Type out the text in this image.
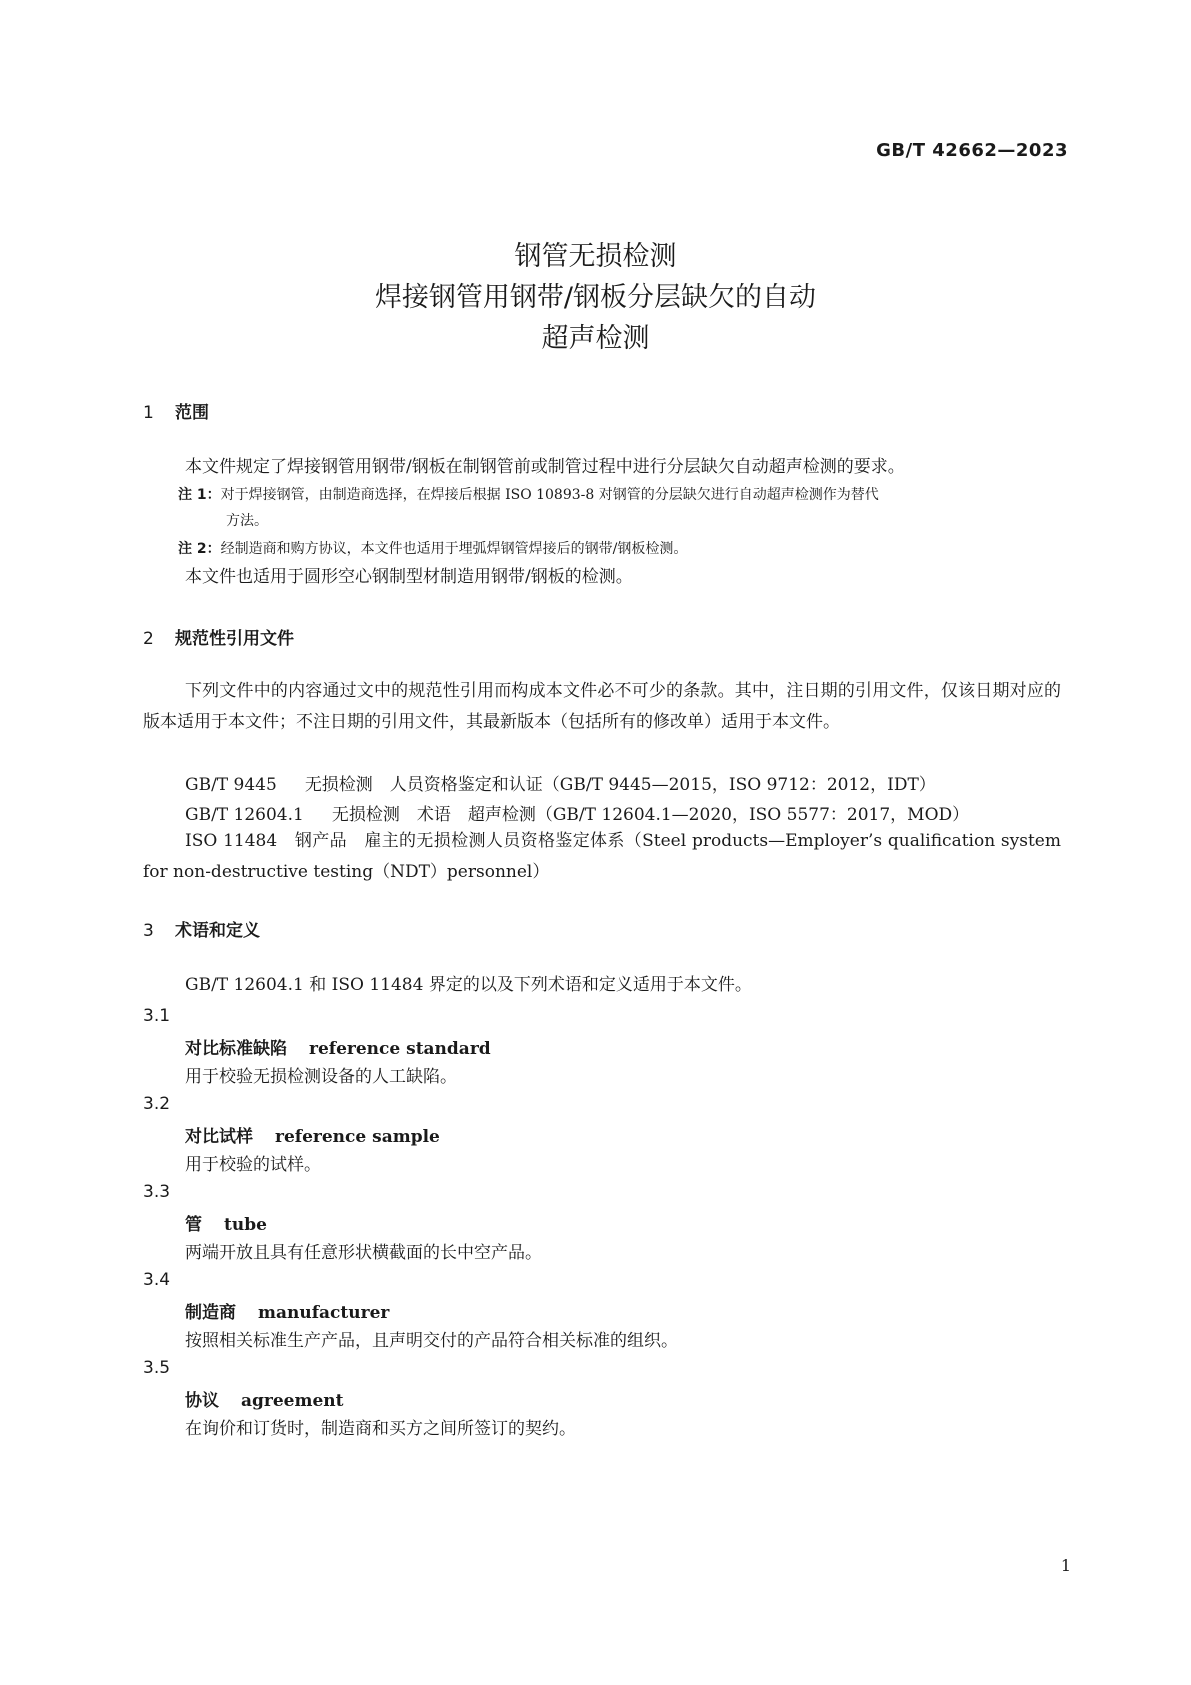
GB/T 42662—2023
钢管无损检测
焊接钢管用钢带/钢板分层缺欠的自动
超声检测
1 范围
本文件规定了焊接钢管用钢带/钢板在制钢管前或制管过程中进行分层缺欠自动超声检测的要求。
注 1：对于焊接钢管，由制造商选择，在焊接后根据 ISO 10893-8 对钢管的分层缺欠进行自动超声检测作为替代
方法。
注 2：经制造商和购方协议，本文件也适用于埋弧焊钢管焊接后的钢带/钢板检测。
本文件也适用于圆形空心钢制型材制造用钢带/钢板的检测。
2 规范性引用文件
下列文件中的内容通过文中的规范性引用而构成本文件必不可少的条款。其中，注日期的引用文件，仅该日期对应的版本适用于本文件；不注日期的引用文件，其最新版本（包括所有的修改单）适用于本文件。
GB/T 9445 无损检测　人员资格鉴定和认证（GB/T 9445—2015，ISO 9712：2012，IDT）
GB/T 12604.1 无损检测　术语　超声检测（GB/T 12604.1—2020，ISO 5577：2017，MOD）
ISO 11484　钢产品　雇主的无损检测人员资格鉴定体系（Steel products—Employer’s qualification system for non-destructive testing（NDT）personnel）
3 术语和定义
GB/T 12604.1 和 ISO 11484 界定的以及下列术语和定义适用于本文件。
3.1
对比标准缺陷 reference standard
用于校验无损检测设备的人工缺陷。
3.2
对比试样 reference sample
用于校验的试样。
3.3
管 tube
两端开放且具有任意形状横截面的长中空产品。
3.4
制造商 manufacturer
按照相关标准生产产品，且声明交付的产品符合相关标准的组织。
3.5
协议 agreement
在询价和订货时，制造商和买方之间所签订的契约。
1
